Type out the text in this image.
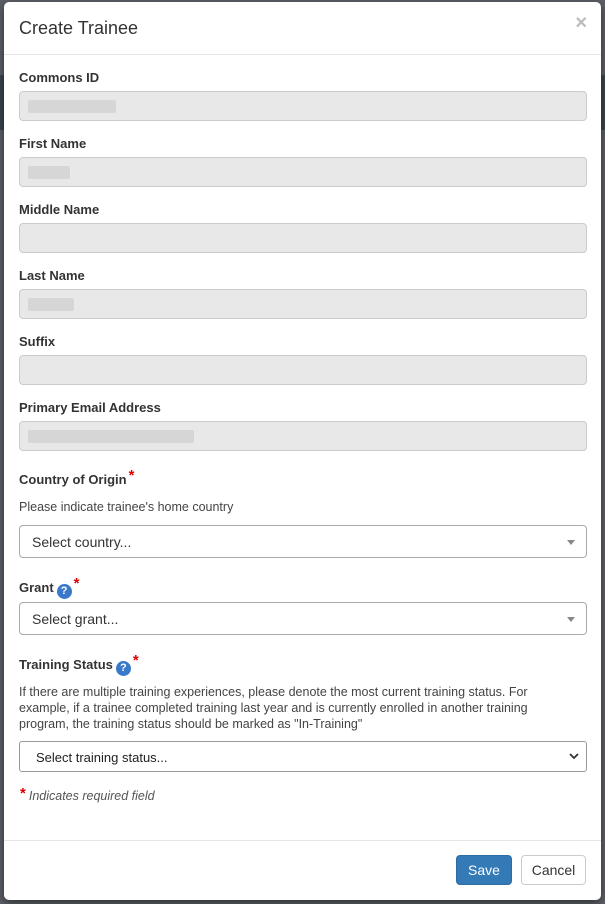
Create Trainee	×
Commons ID
First Name
Middle Name
Last Name
Suffix
Primary Email Address
Country of Origin *
Please indicate trainee's home country
Select country...
Grant ? *
Select grant...
Training Status ? *
If there are multiple training experiences, please denote the most current training status. For example, if a trainee completed training last year and is currently enrolled in another training program, the training status should be marked as "In-Training"
Select training status...
* Indicates required field
Save	Cancel
